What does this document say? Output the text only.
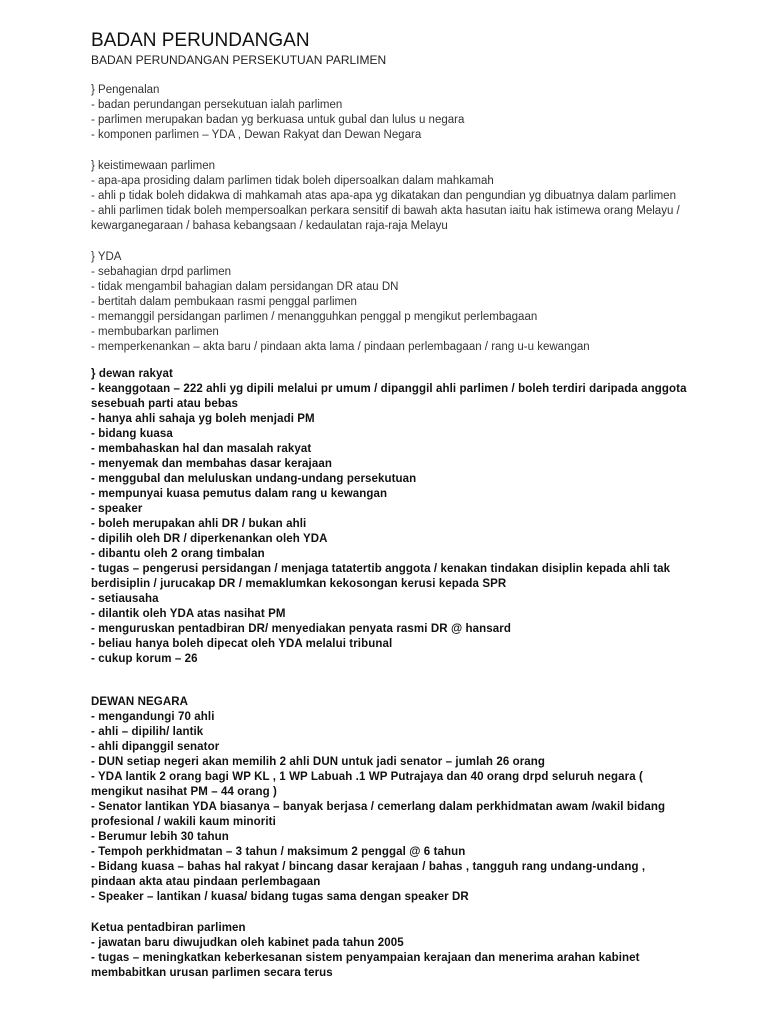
BADAN PERUNDANGAN
BADAN PERUNDANGAN PERSEKUTUAN PARLIMEN
} Pengenalan
- badan perundangan persekutuan ialah parlimen
- parlimen merupakan badan yg berkuasa untuk gubal dan lulus u negara
- komponen parlimen – YDA , Dewan Rakyat dan Dewan Negara
} keistimewaan parlimen
- apa-apa prosiding dalam parlimen tidak boleh dipersoalkan dalam mahkamah
- ahli p tidak boleh didakwa di mahkamah atas apa-apa yg dikatakan dan pengundian yg dibuatnya dalam parlimen
- ahli parlimen tidak boleh mempersoalkan perkara sensitif di bawah akta hasutan iaitu hak istimewa orang Melayu / kewarganegaraan / bahasa kebangsaan / kedaulatan raja-raja Melayu
} YDA
- sebahagian drpd parlimen
- tidak mengambil bahagian dalam persidangan DR atau DN
- bertitah dalam pembukaan rasmi penggal parlimen
- memanggil persidangan parlimen / menangguhkan penggal p mengikut perlembagaan
- membubarkan parlimen
- memperkenankan – akta baru / pindaan akta lama / pindaan perlembagaan / rang u-u kewangan
} dewan rakyat
- keanggotaan – 222 ahli yg dipili melalui pr umum / dipanggil ahli parlimen / boleh terdiri daripada anggota sesebuah parti atau bebas
- hanya ahli sahaja yg boleh menjadi PM
- bidang kuasa
- membahaskan hal dan masalah rakyat
- menyemak dan membahas dasar kerajaan
- menggubal dan meluluskan undang-undang persekutuan
- mempunyai kuasa pemutus dalam rang u kewangan
- speaker
- boleh merupakan ahli DR / bukan ahli
- dipilih oleh DR / diperkenankan oleh YDA
- dibantu oleh 2 orang timbalan
- tugas – pengerusi persidangan / menjaga tatatertib anggota / kenakan tindakan disiplin kepada ahli tak berdisiplin / jurucakap DR / memaklumkan kekosongan kerusi kepada SPR
- setiausaha
- dilantik oleh YDA atas nasihat PM
- menguruskan pentadbiran DR/ menyediakan penyata rasmi DR @ hansard
- beliau hanya boleh dipecat oleh YDA melalui tribunal
- cukup korum – 26
DEWAN NEGARA
- mengandungi 70 ahli
- ahli – dipilih/ lantik
- ahli dipanggil senator
- DUN setiap negeri akan memilih 2 ahli DUN untuk jadi senator – jumlah 26 orang
- YDA lantik 2 orang bagi WP KL , 1 WP Labuah .1 WP Putrajaya dan 40 orang drpd seluruh negara ( mengikut nasihat PM – 44 orang )
- Senator lantikan YDA biasanya – banyak berjasa / cemerlang dalam perkhidmatan awam /wakil bidang profesional / wakili kaum minoriti
- Berumur lebih 30 tahun
- Tempoh perkhidmatan – 3 tahun / maksimum 2 penggal @ 6 tahun
- Bidang kuasa – bahas hal rakyat / bincang dasar kerajaan / bahas , tangguh rang undang-undang , pindaan akta atau pindaan perlembagaan
- Speaker – lantikan / kuasa/ bidang tugas sama dengan speaker DR
Ketua pentadbiran parlimen
- jawatan baru diwujudkan oleh kabinet pada tahun 2005
- tugas – meningkatkan keberkesanan sistem penyampaian kerajaan dan menerima arahan kabinet membabitkan urusan parlimen secara terus
